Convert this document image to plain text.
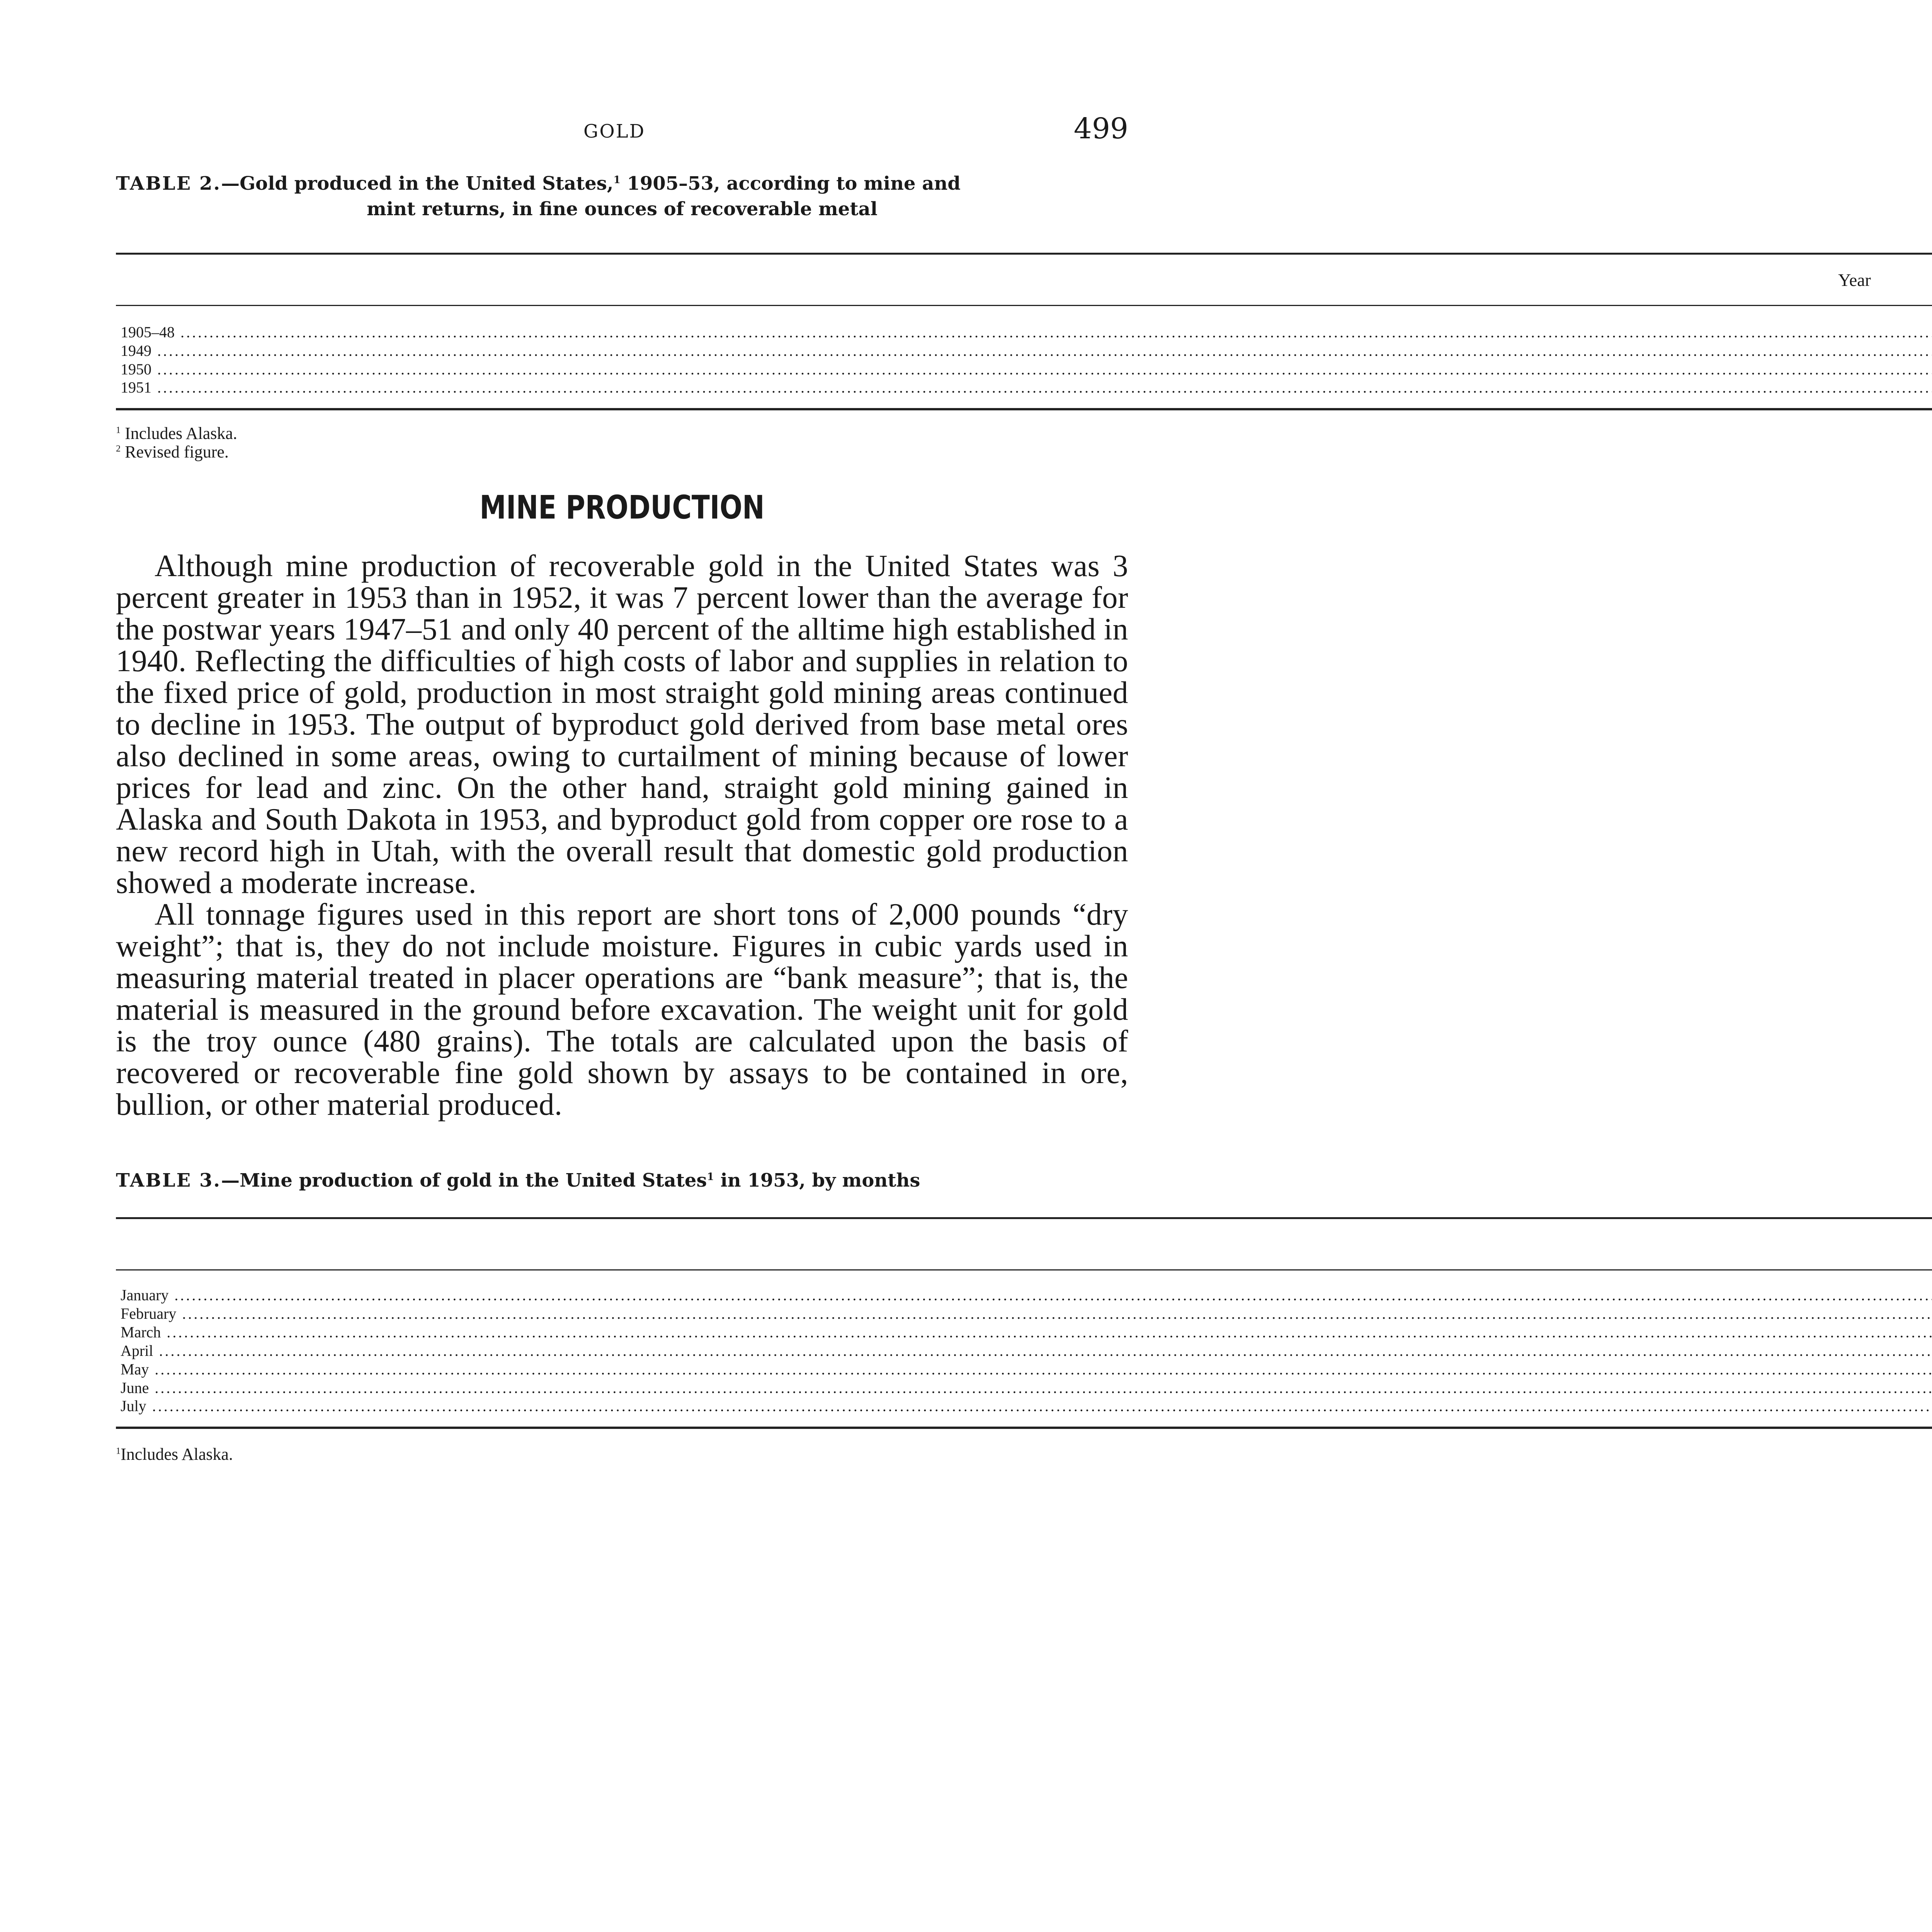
GOLD	499
TABLE 2.—Gold produced in the United States,$^1$ 1905–53, according to mine and
mint returns, in fine ounces of recoverable metal
Year					
1905–48 .....					
1949 .....					
1950 .....					
1951 .....					
$^1$ Includes Alaska.
$^2$ Revised figure.
MINE PRODUCTION

Although mine production of recoverable gold in the United States was 3 percent greater in 1953 than in 1952, it was 7 percent lower than the average for the postwar years 1947–51 and only 40 percent of the alltime high established in 1940. Reflecting the difficulties of high costs of labor and supplies in relation to the fixed price of gold, production in most straight gold mining areas continued to decline in 1953. The output of byproduct gold derived from base metal ores also declined in some areas, owing to curtailment of mining because of lower prices for lead and zinc. On the other hand, straight gold mining gained in Alaska and South Dakota in 1953, and byproduct gold from copper ore rose to a new record high in Utah, with the overall result that domestic gold production showed a moderate increase.

All tonnage figures used in this report are short tons of 2,000 pounds “dry weight”; that is, they do not include moisture. Figures in cubic yards used in measuring material treated in placer operations are “bank measure”; that is, the material is measured in the ground before excavation. The weight unit for gold is the troy ounce (480 grains). The totals are calculated upon the basis of recovered or recoverable fine gold shown by assays to be contained in ore, bullion, or other material produced.

TABLE 3.—Mine production of gold in the United States$^1$ in 1953, by months

January .....			
February .....			
March .....			
April .....			
May .....			
June .....			
July .....			
$^1$Includes Alaska.
